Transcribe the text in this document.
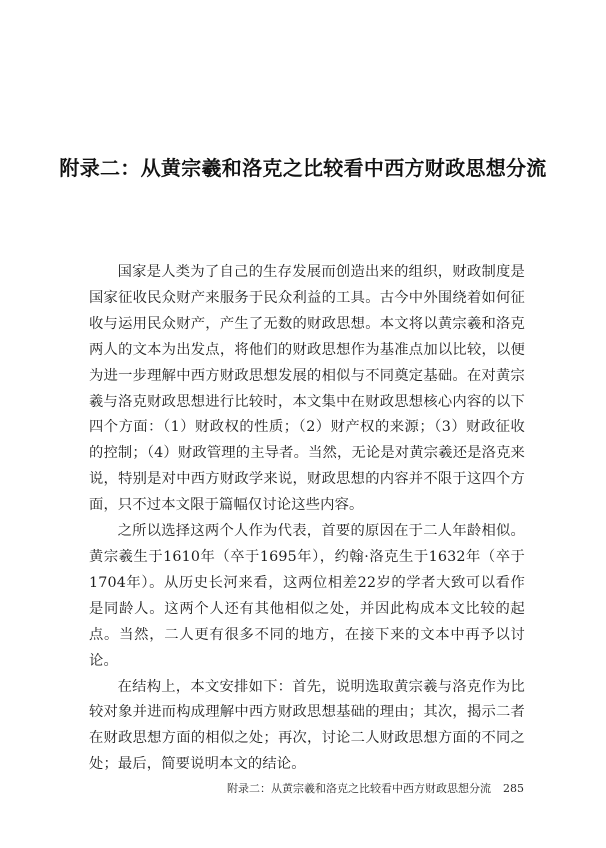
附录二：从黄宗羲和洛克之比较看中西方财政思想分流

国家是人类为了自己的生存发展而创造出来的组织，财政制度是国家征收民众财产来服务于民众利益的工具。古今中外围绕着如何征收与运用民众财产，产生了无数的财政思想。本文将以黄宗羲和洛克两人的文本为出发点，将他们的财政思想作为基准点加以比较，以便为进一步理解中西方财政思想发展的相似与不同奠定基础。在对黄宗羲与洛克财政思想进行比较时，本文集中在财政思想核心内容的以下四个方面：（1）财政权的性质；（2）财产权的来源；（3）财政征收的控制；（4）财政管理的主导者。当然，无论是对黄宗羲还是洛克来说，特别是对中西方财政学来说，财政思想的内容并不限于这四个方面，只不过本文限于篇幅仅讨论这些内容。

之所以选择这两个人作为代表，首要的原因在于二人年龄相似。黄宗羲生于1610年（卒于1695年），约翰·洛克生于1632年（卒于1704年）。从历史长河来看，这两位相差22岁的学者大致可以看作是同龄人。这两个人还有其他相似之处，并因此构成本文比较的起点。当然，二人更有很多不同的地方，在接下来的文本中再予以讨论。

在结构上，本文安排如下：首先，说明选取黄宗羲与洛克作为比较对象并进而构成理解中西方财政思想基础的理由；其次，揭示二者在财政思想方面的相似之处；再次，讨论二人财政思想方面的不同之处；最后，简要说明本文的结论。

附录二：从黄宗羲和洛克之比较看中西方财政思想分流 285
